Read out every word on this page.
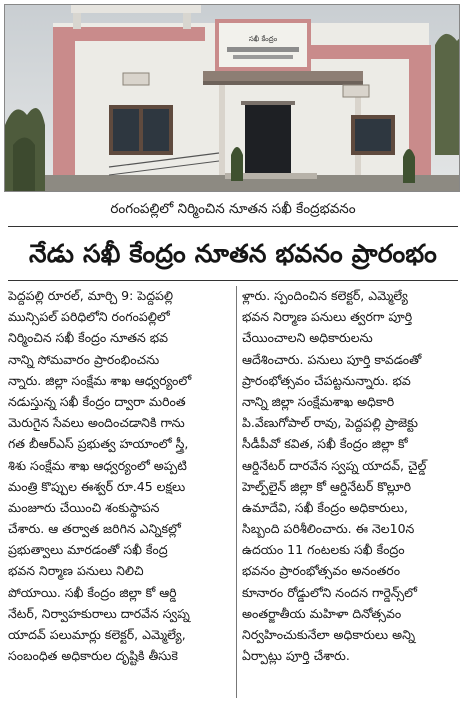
సఖీ కేంద్రం
రంగంపల్లిలో నిర్మించిన నూతన సఖీ కేంద్రభవనం
నేడు సఖీ కేంద్రం నూతన భవనం ప్రారంభం
పెద్దపల్లి రూరల్, మార్చి 9: పెద్దపల్లి
మున్సిపల్ పరిధిలోని రంగంపల్లిలో
నిర్మించిన సఖీ కేంద్రం నూతన భవ
నాన్ని సోమవారం ప్రారంభించను
న్నారు. జిల్లా సంక్షేమ శాఖ ఆధ్వర్యంలో
నడుస్తున్న సఖీ కేంద్రం ద్వారా మరింత
మెరుగైన సేవలు అందించడానికి గాను
గత బీఆర్ఎస్ ప్రభుత్వ హయాంలో స్త్రీ,
శిశు సంక్షేమ శాఖ ఆధ్వర్యంలో అప్పటి
మంత్రి కొప్పుల ఈశ్వర్ రూ.45 లక్షలు
మంజూరు చేయించి శంకుస్థాపన
చేశారు. ఆ తర్వాత జరిగిన ఎన్నికల్లో
ప్రభుత్వాలు మారడంతో సఖీ కేంద్ర
భవన నిర్మాణ పనులు నిలిచి
పోయాయి. సఖీ కేంద్రం జిల్లా కో ఆర్డి
నేటర్, నిర్వాహకురాలు దారవేన స్వప్న
యాదవ్ పలుమార్లు కలెక్టర్, ఎమ్మెల్యే,
సంబంధిత అధికారుల దృష్టికి తీసుకె
ళ్లారు. స్పందించిన కలెక్టర్, ఎమ్మెల్యే
భవన నిర్మాణ పనులు త్వరగా పూర్తి
చేయించాలని అధికారులను
ఆదేశించారు. పనులు పూర్తి కావడంతో
ప్రారంభోత్సవం చేపట్టనున్నారు. భవ
నాన్ని జిల్లా సంక్షేమశాఖ అధికారి
పి.వేణుగోపాల్ రావు, పెద్దపల్లి ప్రాజెక్టు
సీడీపీవో కవిత, సఖీ కేంద్రం జిల్లా కో
ఆర్డినేటర్ దారవేన స్వప్న యాదవ్, చైల్డ్
హెల్ప్‌లైన్ జిల్లా కో ఆర్డినేటర్ కొల్లూరి
ఉమాదేవి, సఖీ కేంద్రం అధికారులు,
సిబ్బంది పరిశీలించారు. ఈ నెల10న
ఉదయం 11 గంటలకు సఖీ కేంద్రం
భవనం ప్రారంభోత్సవం అనంతరం
కూనారం రోడ్డులోని నందన గార్డెన్స్‌లో
అంతర్జాతీయ మహిళా దినోత్సవం
నిర్వహించుకునేలా అధికారులు అన్ని
ఏర్పాట్లు పూర్తి చేశారు.
